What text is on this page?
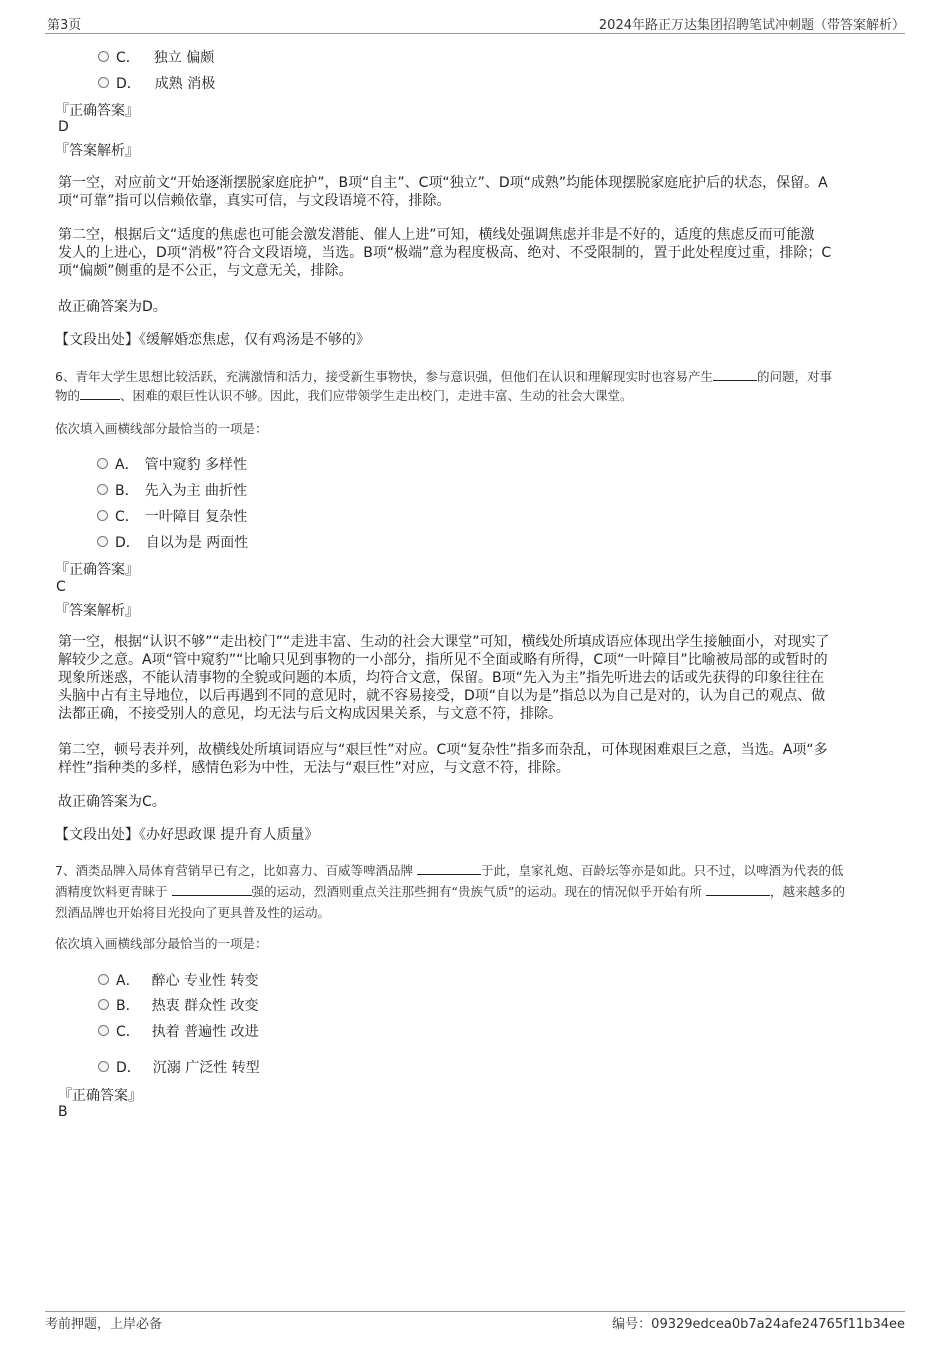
第3页	2024年路正万达集团招聘笔试冲刺题（带答案解析）
C． 独立 偏颇
D． 成熟 消极
『正确答案』
D
『答案解析』
第一空，对应前文“开始逐渐摆脱家庭庇护”，B项“自主”、C项“独立”、D项“成熟”均能体现摆脱家庭庇护后的状态，保留。A
项“可靠”指可以信赖依靠，真实可信，与文段语境不符，排除。
第二空，根据后文“适度的焦虑也可能会激发潜能、催人上进”可知，横线处强调焦虑并非是不好的，适度的焦虑反而可能激
发人的上进心，D项“消极”符合文段语境，当选。B项“极端”意为程度极高、绝对、不受限制的，置于此处程度过重，排除；C
项“偏颇”侧重的是不公正，与文意无关，排除。
故正确答案为D。
【文段出处】《缓解婚恋焦虑，仅有鸡汤是不够的》
6、青年大学生思想比较活跃，充满激情和活力，接受新生事物快，参与意识强，但他们在认识和理解现实时也容易产生	的问题，对事
物的	、困难的艰巨性认识不够。因此，我们应带领学生走出校门，走进丰富、生动的社会大课堂。
依次填入画横线部分最恰当的一项是：
A． 管中窥豹 多样性
B． 先入为主 曲折性
C． 一叶障目 复杂性
D． 自以为是 两面性
『正确答案』
C
『答案解析』
第一空，根据“认识不够”“走出校门”“走进丰富、生动的社会大课堂”可知，横线处所填成语应体现出学生接触面小，对现实了
解较少之意。A项“管中窥豹”“比喻只见到事物的一小部分，指所见不全面或略有所得，C项“一叶障目”比喻被局部的或暂时的
现象所迷惑，不能认清事物的全貌或问题的本质，均符合文意，保留。B项“先入为主”指先听进去的话或先获得的印象往往在
头脑中占有主导地位，以后再遇到不同的意见时，就不容易接受，D项“自以为是”指总以为自己是对的，认为自己的观点、做
法都正确，不接受别人的意见，均无法与后文构成因果关系，与文意不符，排除。
第二空，顿号表并列，故横线处所填词语应与“艰巨性”对应。C项“复杂性”指多而杂乱，可体现困难艰巨之意，当选。A项“多
样性”指种类的多样，感情色彩为中性，无法与“艰巨性”对应，与文意不符，排除。
故正确答案为C。
【文段出处】《办好思政课 提升育人质量》
7、酒类品牌入局体育营销早已有之，比如喜力、百威等啤酒品牌	于此，皇家礼炮、百龄坛等亦是如此。只不过，以啤酒为代表的低
酒精度饮料更青睐于	强的运动，烈酒则重点关注那些拥有“贵族气质”的运动。现在的情况似乎开始有所	，越来越多的
烈酒品牌也开始将目光投向了更具普及性的运动。
依次填入画横线部分最恰当的一项是：
A． 醉心 专业性 转变
B． 热衷 群众性 改变
C． 执着 普遍性 改进
D． 沉溺 广泛性 转型
『正确答案』
B
考前押题，上岸必备	编号：09329edcea0b7a24afe24765f11b34ee
